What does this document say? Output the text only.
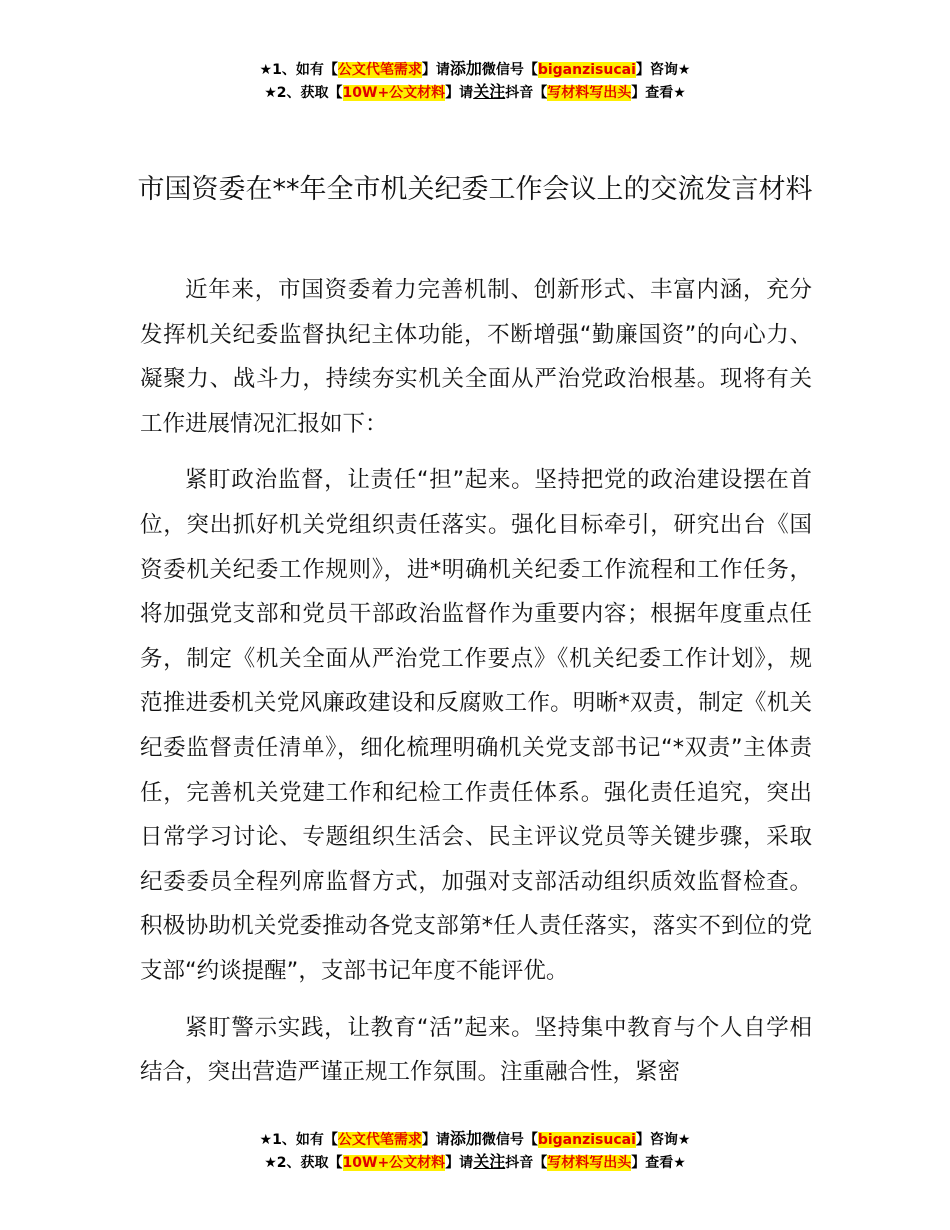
★1、如有【公文代笔需求】请添加微信号【biganzisucai】咨询★
★2、获取【10W+公文材料】请关注抖音【写材料写出头】查看★
市国资委在**年全市机关纪委工作会议上的交流发言材料

近年来，市国资委着力完善机制、创新形式、丰富内涵，充分发挥机关纪委监督执纪主体功能，不断增强“勤廉国资”的向心力、凝聚力、战斗力，持续夯实机关全面从严治党政治根基。现将有关工作进展情况汇报如下：

紧盯政治监督，让责任“担”起来。坚持把党的政治建设摆在首位，突出抓好机关党组织责任落实。强化目标牵引，研究出台《国资委机关纪委工作规则》，进*明确机关纪委工作流程和工作任务，将加强党支部和党员干部政治监督作为重要内容；根据年度重点任务，制定《机关全面从严治党工作要点》《机关纪委工作计划》，规范推进委机关党风廉政建设和反腐败工作。明晰*双责，制定《机关纪委监督责任清单》，细化梳理明确机关党支部书记“*双责”主体责任，完善机关党建工作和纪检工作责任体系。强化责任追究，突出日常学习讨论、专题组织生活会、民主评议党员等关键步骤，采取纪委委员全程列席监督方式，加强对支部活动组织质效监督检查。积极协助机关党委推动各党支部第*任人责任落实，落实不到位的党支部“约谈提醒”，支部书记年度不能评优。

紧盯警示实践，让教育“活”起来。坚持集中教育与个人自学相结合，突出营造严谨正规工作氛围。注重融合性，紧密

★1、如有【公文代笔需求】请添加微信号【biganzisucai】咨询★
★2、获取【10W+公文材料】请关注抖音【写材料写出头】查看★
